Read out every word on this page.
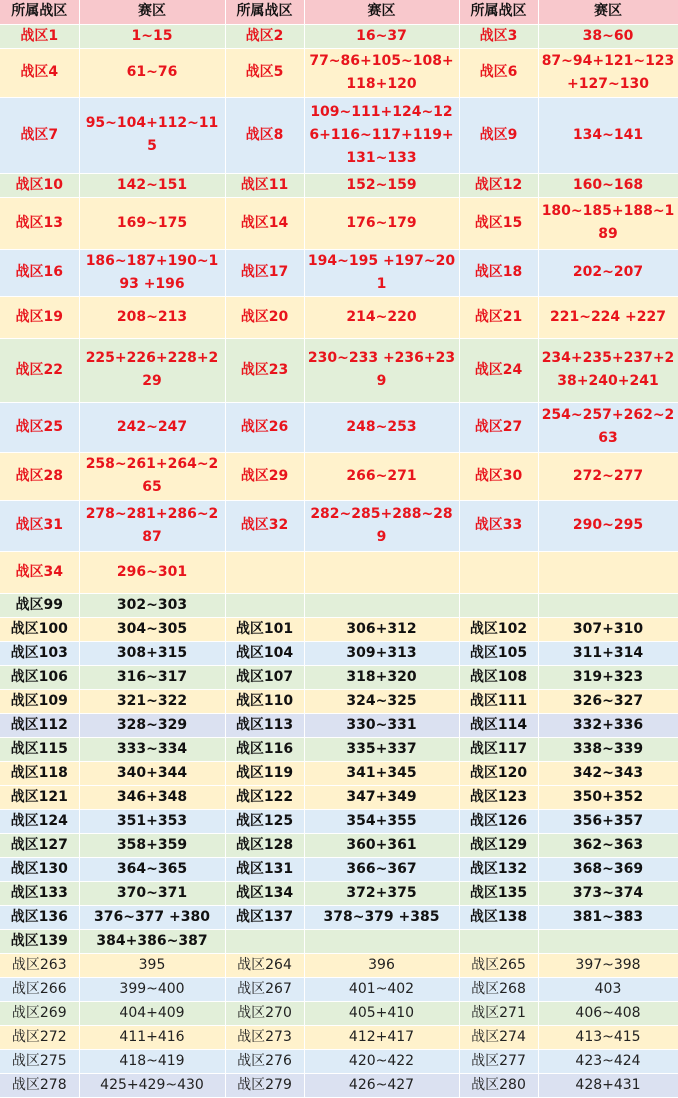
所属战区	赛区	所属战区	赛区	所属战区	赛区
战区1	1~15	战区2	16~37	战区3	38~60
战区4	61~76	战区5	77~86+105~108+118+120	战区6	87~94+121~123+127~130
战区7	95~104+112~115	战区8	109~111+124~126+116~117+119+131~133	战区9	134~141
战区10	142~151	战区11	152~159	战区12	160~168
战区13	169~175	战区14	176~179	战区15	180~185+188~189
战区16	186~187+190~193 +196	战区17	194~195 +197~201	战区18	202~207
战区19	208~213	战区20	214~220	战区21	221~224 +227
战区22	225+226+228+229	战区23	230~233 +236+239	战区24	234+235+237+238+240+241
战区25	242~247	战区26	248~253	战区27	254~257+262~263
战区28	258~261+264~265	战区29	266~271	战区30	272~277
战区31	278~281+286~287	战区32	282~285+288~289	战区33	290~295
战区34	296~301				
战区99	302~303				
战区100	304~305	战区101	306+312	战区102	307+310
战区103	308+315	战区104	309+313	战区105	311+314
战区106	316~317	战区107	318+320	战区108	319+323
战区109	321~322	战区110	324~325	战区111	326~327
战区112	328~329	战区113	330~331	战区114	332+336
战区115	333~334	战区116	335+337	战区117	338~339
战区118	340+344	战区119	341+345	战区120	342~343
战区121	346+348	战区122	347+349	战区123	350+352
战区124	351+353	战区125	354+355	战区126	356+357
战区127	358+359	战区128	360+361	战区129	362~363
战区130	364~365	战区131	366~367	战区132	368~369
战区133	370~371	战区134	372+375	战区135	373~374
战区136	376~377 +380	战区137	378~379 +385	战区138	381~383
战区139	384+386~387				
战区263	395	战区264	396	战区265	397~398
战区266	399~400	战区267	401~402	战区268	403
战区269	404+409	战区270	405+410	战区271	406~408
战区272	411+416	战区273	412+417	战区274	413~415
战区275	418~419	战区276	420~422	战区277	423~424
战区278	425+429~430	战区279	426~427	战区280	428+431
